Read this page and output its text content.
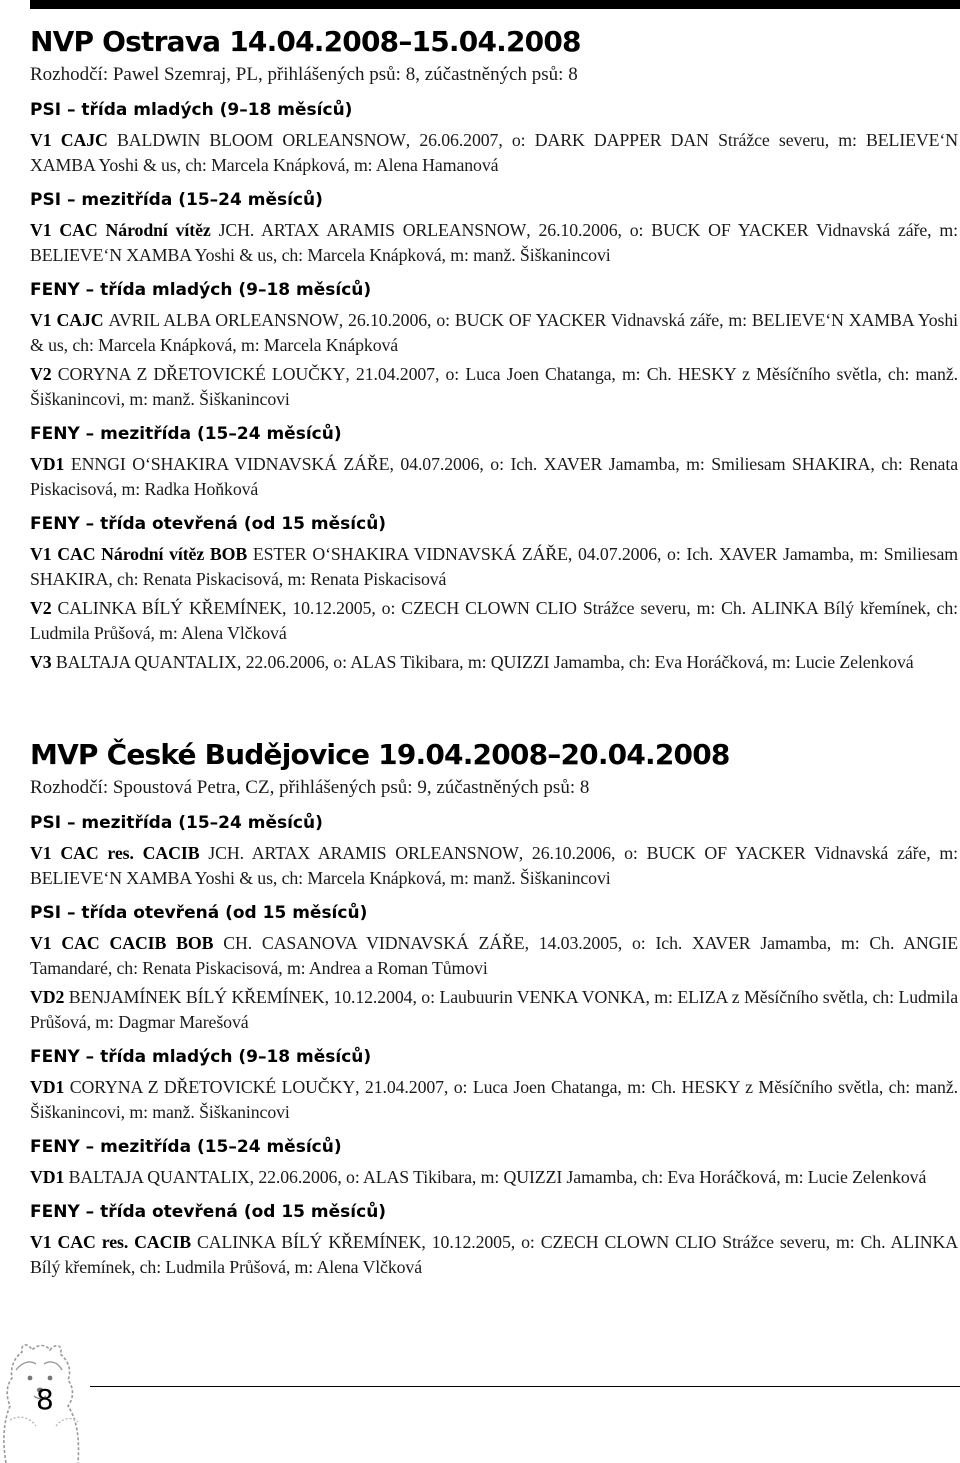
NVP Ostrava 14.04.2008–15.04.2008

Rozhodčí: Pawel Szemraj, PL, přihlášených psů: 8, zúčastněných psů: 8

PSI – třída mladých (9–18 měsíců)

V1 CAJC BALDWIN BLOOM ORLEANSNOW, 26.06.2007, o: DARK DAPPER DAN Strážce severu, m: BELIEVE‘N XAMBA Yoshi & us, ch: Marcela Knápková, m: Alena Hamanová

PSI – mezitřída (15–24 měsíců)

V1 CAC Národní vítěz JCH. ARTAX ARAMIS ORLEANSNOW, 26.10.2006, o: BUCK OF YACKER Vidnavská záře, m: BELIEVE‘N XAMBA Yoshi & us, ch: Marcela Knápková, m: manž. Šiškanincovi

FENY – třída mladých (9–18 měsíců)

V1 CAJC AVRIL ALBA ORLEANSNOW, 26.10.2006, o: BUCK OF YACKER Vidnavská záře, m: BELIEVE‘N XAMBA Yoshi & us, ch: Marcela Knápková, m: Marcela Knápková

V2 CORYNA Z DŘETOVICKÉ LOUČKY, 21.04.2007, o: Luca Joen Chatanga, m: Ch. HESKY z Měsíčního světla, ch: manž. Šiškanincovi, m: manž. Šiškanincovi

FENY – mezitřída (15–24 měsíců)

VD1 ENNGI O‘SHAKIRA VIDNAVSKÁ ZÁŘE, 04.07.2006, o: Ich. XAVER Jamamba, m: Smiliesam SHAKIRA, ch: Renata Piskacisová, m: Radka Hoňková

FENY – třída otevřená (od 15 měsíců)

V1 CAC Národní vítěz BOB ESTER O‘SHAKIRA VIDNAVSKÁ ZÁŘE, 04.07.2006, o: Ich. XAVER Jamamba, m: Smiliesam SHAKIRA, ch: Renata Piskacisová, m: Renata Piskacisová

V2 CALINKA BÍLÝ KŘEMÍNEK, 10.12.2005, o: CZECH CLOWN CLIO Strážce severu, m: Ch. ALINKA Bílý křemínek, ch: Ludmila Průšová, m: Alena Vlčková

V3 BALTAJA QUANTALIX, 22.06.2006, o: ALAS Tikibara, m: QUIZZI Jamamba, ch: Eva Horáčková, m: Lucie Zelenková

MVP České Budějovice 19.04.2008–20.04.2008

Rozhodčí: Spoustová Petra, CZ, přihlášených psů: 9, zúčastněných psů: 8

PSI – mezitřída (15–24 měsíců)

V1 CAC res. CACIB JCH. ARTAX ARAMIS ORLEANSNOW, 26.10.2006, o: BUCK OF YACKER Vidnavská záře, m: BELIEVE‘N XAMBA Yoshi & us, ch: Marcela Knápková, m: manž. Šiškanincovi

PSI – třída otevřená (od 15 měsíců)

V1 CAC CACIB BOB CH. CASANOVA VIDNAVSKÁ ZÁŘE, 14.03.2005, o: Ich. XAVER Jamamba, m: Ch. ANGIE Tamandaré, ch: Renata Piskacisová, m: Andrea a Roman Tůmovi

VD2 BENJAMÍNEK BÍLÝ KŘEMÍNEK, 10.12.2004, o: Laubuurin VENKA VONKA, m: ELIZA z Měsíčního světla, ch: Ludmila Průšová, m: Dagmar Marešová

FENY – třída mladých (9–18 měsíců)

VD1 CORYNA Z DŘETOVICKÉ LOUČKY, 21.04.2007, o: Luca Joen Chatanga, m: Ch. HESKY z Měsíčního světla, ch: manž. Šiškanincovi, m: manž. Šiškanincovi

FENY – mezitřída (15–24 měsíců)

VD1 BALTAJA QUANTALIX, 22.06.2006, o: ALAS Tikibara, m: QUIZZI Jamamba, ch: Eva Horáčková, m: Lucie Zelenková

FENY – třída otevřená (od 15 měsíců)

V1 CAC res. CACIB CALINKA BÍLÝ KŘEMÍNEK, 10.12.2005, o: CZECH CLOWN CLIO Strážce severu, m: Ch. ALINKA Bílý křemínek, ch: Ludmila Průšová, m: Alena Vlčková

8
